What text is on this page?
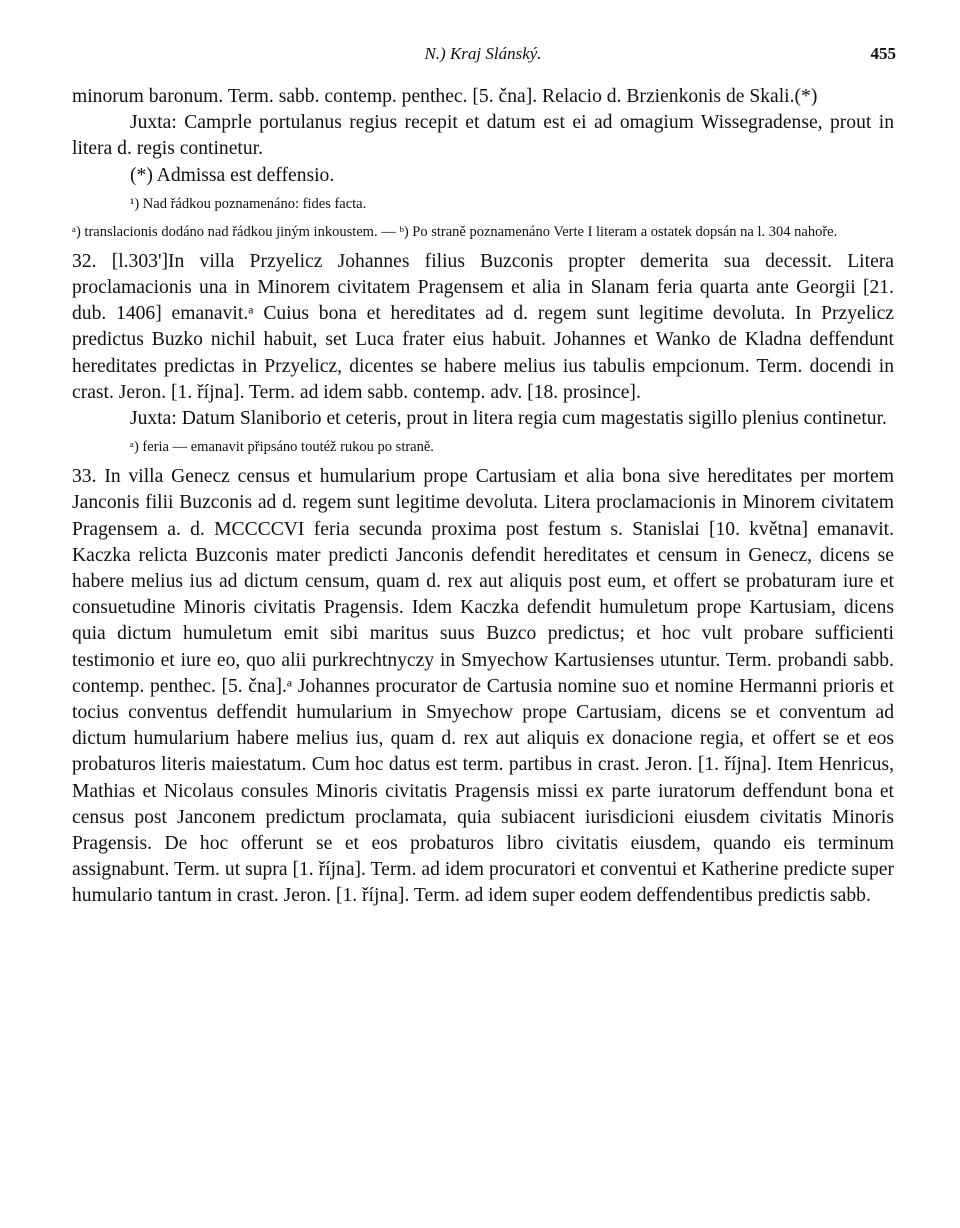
N.) Kraj Slánský.	455

minorum baronum. Term. sabb. contemp. penthec. [5. čna]. Relacio d. Brzienkonis de Skali.(*)

Juxta: Camprle portulanus regius recepit et datum est ei ad omagium Wissegradense, prout in litera d. regis continetur.

(*) Admissa est deffensio.

¹) Nad řádkou poznamenáno: fides facta.

ᵃ) translacionis dodáno nad řádkou jiným inkoustem. — ᵇ) Po straně poznamenáno Verte I literam a ostatek dopsán na l. 304 nahoře.

32. [l.303']In villa Przyelicz Johannes filius Buzconis propter demerita sua decessit. Litera proclamacionis una in Minorem civitatem Pragensem et alia in Slanam feria quarta ante Georgii [21. dub. 1406] emanavit.ᵃ Cuius bona et hereditates ad d. regem sunt legitime devoluta. In Przyelicz predictus Buzko nichil habuit, set Luca frater eius habuit. Johannes et Wanko de Kladna deffendunt hereditates predictas in Przyelicz, dicentes se habere melius ius tabulis empcionum. Term. docendi in crast. Jeron. [1. října]. Term. ad idem sabb. contemp. adv. [18. prosince].

Juxta: Datum Slaniborio et ceteris, prout in litera regia cum magestatis sigillo plenius continetur.

ᵃ) feria — emanavit připsáno toutéž rukou po straně.

33. In villa Genecz census et humularium prope Cartusiam et alia bona sive hereditates per mortem Janconis filii Buzconis ad d. regem sunt legitime devoluta. Litera proclamacionis in Minorem civitatem Pragensem a. d. MCCCCVI feria secunda proxima post festum s. Stanislai [10. května] emanavit. Kaczka relicta Buzconis mater predicti Janconis defendit hereditates et censum in Genecz, dicens se habere melius ius ad dictum censum, quam d. rex aut aliquis post eum, et offert se probaturam iure et consuetudine Minoris civitatis Pragensis. Idem Kaczka defendit humuletum prope Kartusiam, dicens quia dictum humuletum emit sibi maritus suus Buzco predictus; et hoc vult probare sufficienti testimonio et iure eo, quo alii purkrechtnyczy in Smyechow Kartusienses utuntur. Term. probandi sabb. contemp. penthec. [5. čna].ᵃ Johannes procurator de Cartusia nomine suo et nomine Hermanni prioris et tocius conventus deffendit humularium in Smyechow prope Cartusiam, dicens se et conventum ad dictum humularium habere melius ius, quam d. rex aut aliquis ex donacione regia, et offert se et eos probaturos literis maiestatum. Cum hoc datus est term. partibus in crast. Jeron. [1. října]. Item Henricus, Mathias et Nicolaus consules Minoris civitatis Pragensis missi ex parte iuratorum deffendunt bona et census post Janconem predictum proclamata, quia subiacent iurisdicioni eiusdem civitatis Minoris Pragensis. De hoc offerunt se et eos probaturos libro civitatis eiusdem, quando eis terminum assignabunt. Term. ut supra [1. října]. Term. ad idem procuratori et conventui et Katherine predicte super humulario tantum in crast. Jeron. [1. října]. Term. ad idem super eodem deffendentibus predictis sabb.
